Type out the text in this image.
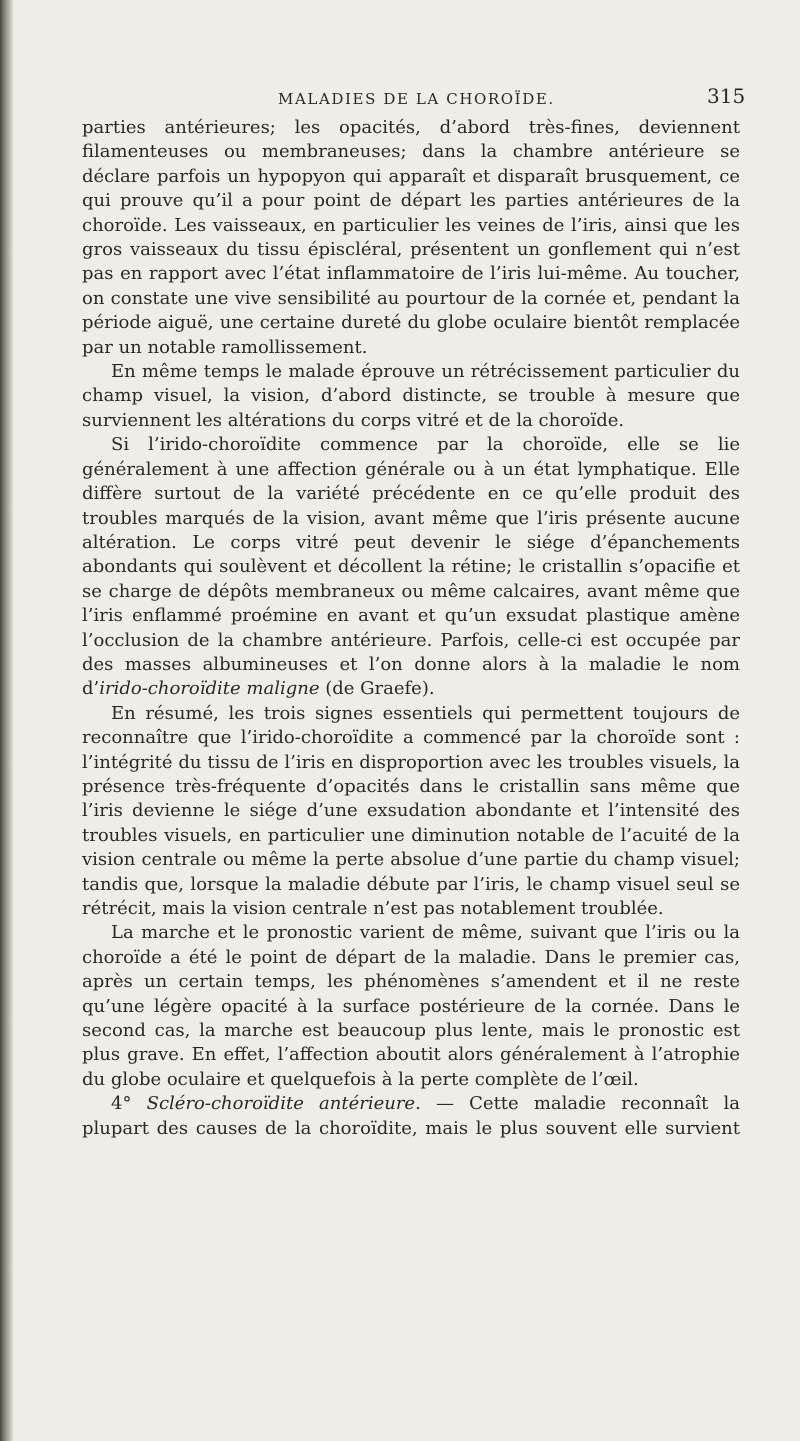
MALADIES DE LA CHOROÏDE.	315

parties antérieures; les opacités, d’abord très-fines, deviennent filamenteuses ou membraneuses; dans la chambre antérieure se déclare parfois un hypopyon qui apparaît et disparaît brusquement, ce qui prouve qu’il a pour point de départ les parties antérieures de la choroïde. Les vaisseaux, en particulier les veines de l’iris, ainsi que les gros vaisseaux du tissu épiscléral, présentent un gonflement qui n’est pas en rapport avec l’état inflammatoire de l’iris lui-même. Au toucher, on constate une vive sensibilité au pourtour de la cornée et, pendant la période aiguë, une certaine dureté du globe oculaire bientôt remplacée par un notable ramollissement.

En même temps le malade éprouve un rétrécissement particulier du champ visuel, la vision, d’abord distincte, se trouble à mesure que surviennent les altérations du corps vitré et de la choroïde.

Si l’irido-choroïdite commence par la choroïde, elle se lie généralement à une affection générale ou à un état lymphatique. Elle diffère surtout de la variété précédente en ce qu’elle produit des troubles marqués de la vision, avant même que l’iris présente aucune altération. Le corps vitré peut devenir le siége d’épanchements abondants qui soulèvent et décollent la rétine; le cristallin s’opacifie et se charge de dépôts membraneux ou même calcaires, avant même que l’iris enflammé proémine en avant et qu’un exsudat plastique amène l’occlusion de la chambre antérieure. Parfois, celle-ci est occupée par des masses albumineuses et l’on donne alors à la maladie le nom d’irido-choroïdite maligne (de Graefe).

En résumé, les trois signes essentiels qui permettent toujours de reconnaître que l’irido-choroïdite a commencé par la choroïde sont : l’intégrité du tissu de l’iris en disproportion avec les troubles visuels, la présence très-fréquente d’opacités dans le cristallin sans même que l’iris devienne le siége d’une exsudation abondante et l’intensité des troubles visuels, en particulier une diminution notable de l’acuité de la vision centrale ou même la perte absolue d’une partie du champ visuel; tandis que, lorsque la maladie débute par l’iris, le champ visuel seul se rétrécit, mais la vision centrale n’est pas notablement troublée.

La marche et le pronostic varient de même, suivant que l’iris ou la choroïde a été le point de départ de la maladie. Dans le premier cas, après un certain temps, les phénomènes s’amendent et il ne reste qu’une légère opacité à la surface postérieure de la cornée. Dans le second cas, la marche est beaucoup plus lente, mais le pronostic est plus grave. En effet, l’affection aboutit alors généralement à l’atrophie du globe oculaire et quelquefois à la perte complète de l’œil.

4° Scléro-choroïdite antérieure. — Cette maladie reconnaît la plupart des causes de la choroïdite, mais le plus souvent elle survient
